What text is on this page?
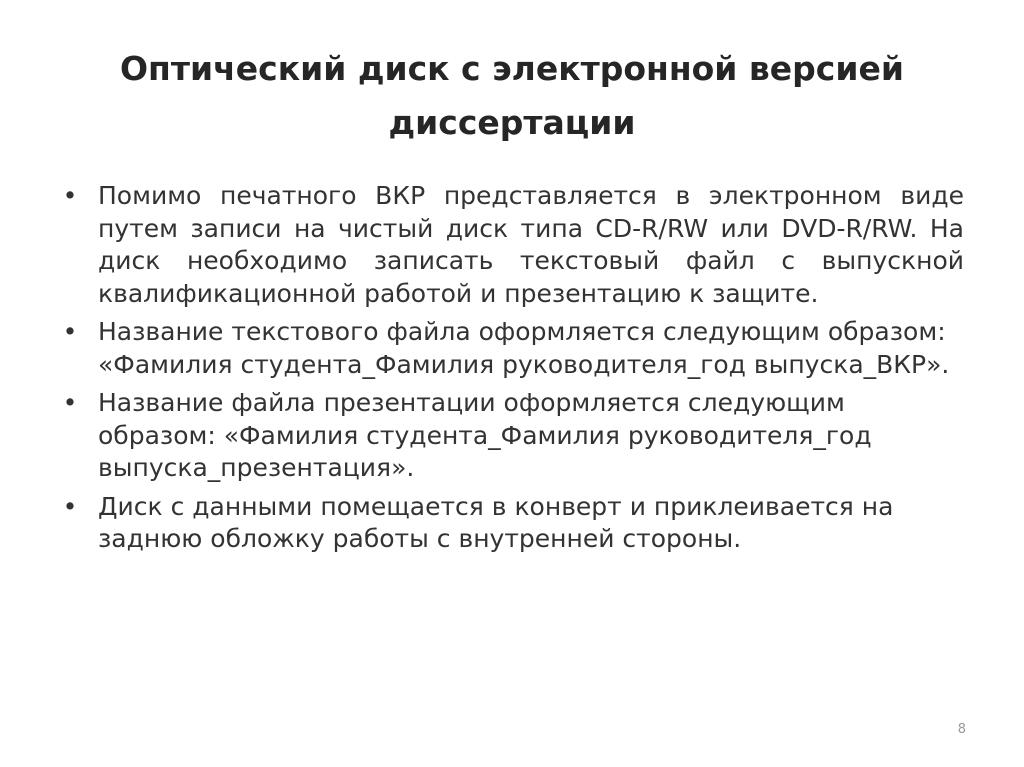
Оптический диск с электронной версией диссертации
• Помимо печатного ВКР представляется в электронном виде путем записи на чистый диск типа CD-R/RW или DVD-R/RW. На диск необходимо записать текстовый файл с выпускной квалификационной работой и презентацию к защите.
• Название текстового файла оформляется следующим образом: «Фамилия студента_Фамилия руководителя_год выпуска_ВКР».
• Название файла презентации оформляется следующим образом: «Фамилия студента_Фамилия руководителя_год выпуска_презентация».
• Диск с данными помещается в конверт и приклеивается на заднюю обложку работы с внутренней стороны.
8
